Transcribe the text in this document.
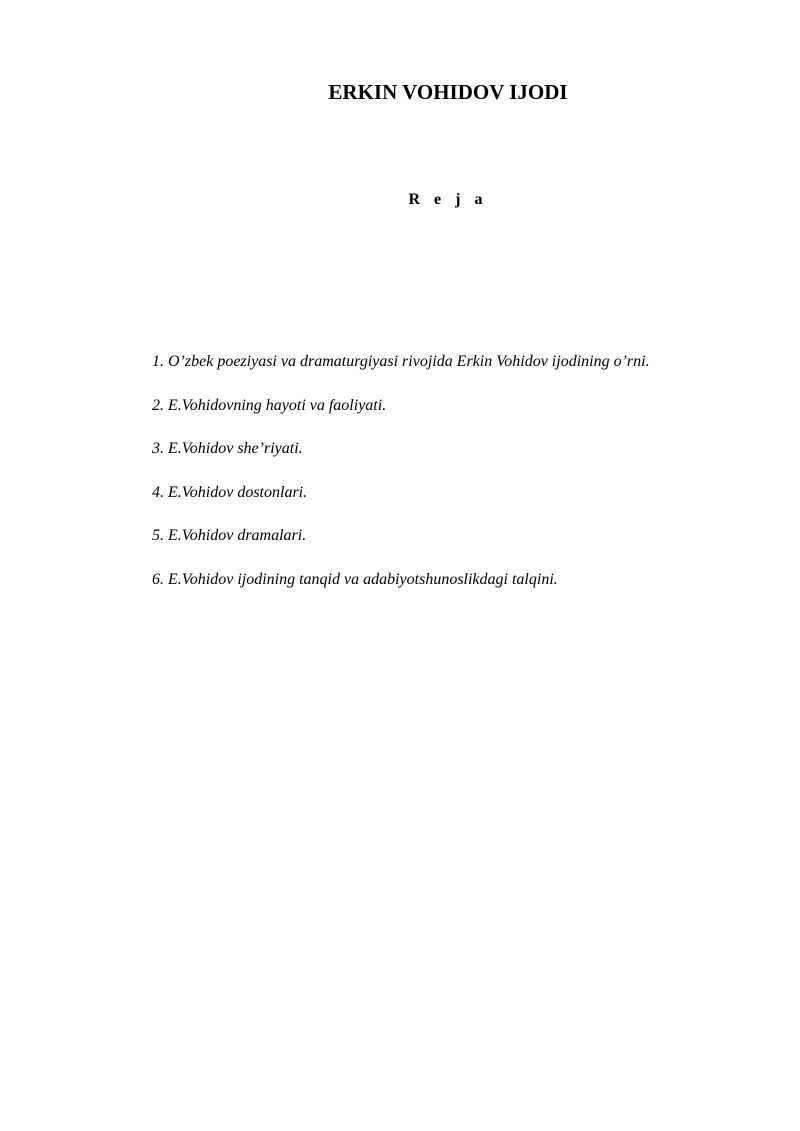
ERKIN VOHIDOV IJODI
R e j a
1. O’zbek poeziyasi va dramaturgiyasi rivojida Erkin Vohidov ijodining o’rni.
2. E.Vohidovning hayoti va faoliyati.
3. E.Vohidov she’riyati.
4. E.Vohidov dostonlari.
5. E.Vohidov dramalari.
6. E.Vohidov ijodining tanqid va adabiyotshunoslikdagi talqini.
